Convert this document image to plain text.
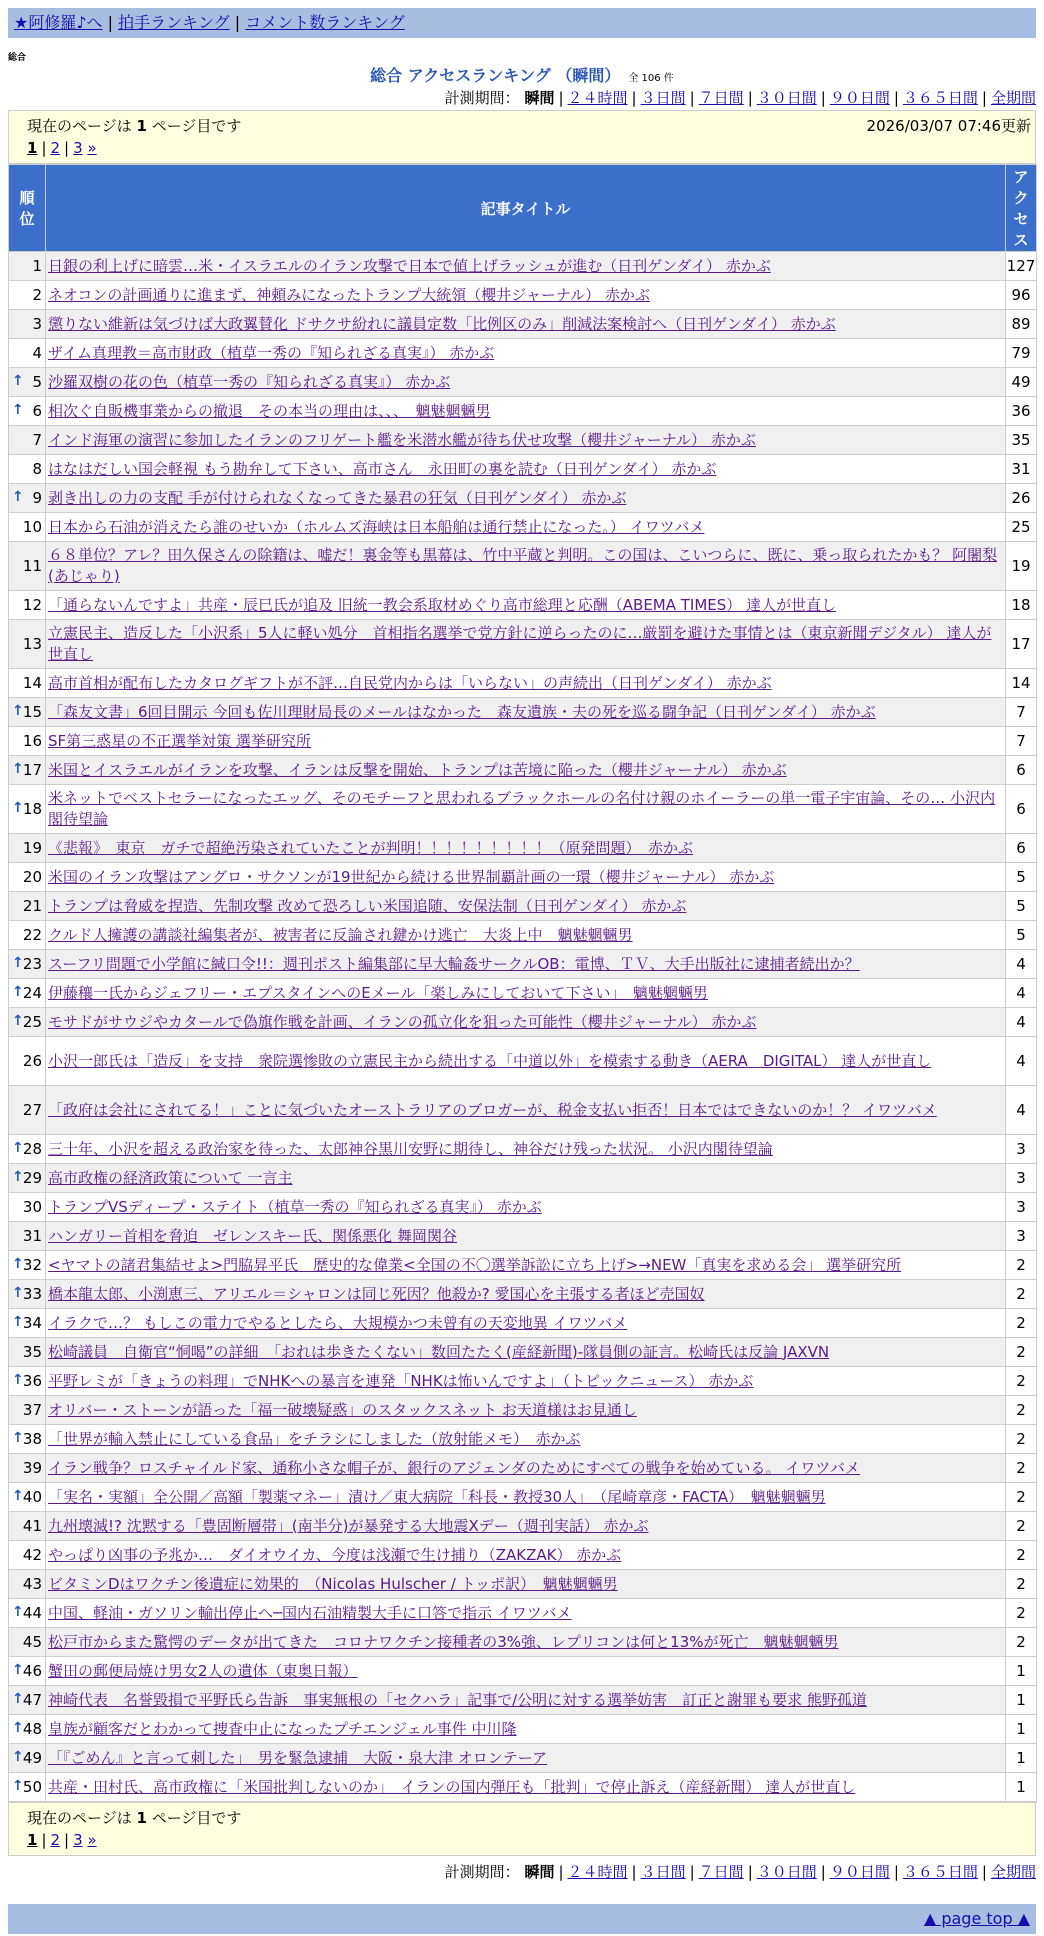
★阿修羅♪へ | 拍手ランキング | コメント数ランキング
総合
総合 アクセスランキング （瞬間） 全 106 件
計測期間： 瞬間 | ２４時間 | ３日間 | ７日間 | ３０日間 | ９０日間 | ３６５日間 | 全期間
現在のページは 1 ページ目です	2026/03/07 07:46更新
1 | 2 | 3 »
順
位	記事タイトル	アク
セス
1	日銀の利上げに暗雲…米・イスラエルのイラン攻撃で日本で値上げラッシュが進む（日刊ゲンダイ） 赤かぶ	127
2	ネオコンの計画通りに進まず、神頼みになったトランプ大統領（櫻井ジャーナル） 赤かぶ	96
3	懲りない維新は気づけば大政翼賛化 ドサクサ紛れに議員定数「比例区のみ」削減法案検討へ（日刊ゲンダイ） 赤かぶ	89
4	ザイム真理教＝高市財政（植草一秀の『知られざる真実』） 赤かぶ	79

↑ 5	沙羅双樹の花の色（植草一秀の『知られざる真実』） 赤かぶ	49

↑ 6	相次ぐ自販機事業からの撤退　その本当の理由は、、、　魑魅魍魎男	36
7	インド海軍の演習に参加したイランのフリゲート艦を米潜水艦が待ち伏せ攻撃（櫻井ジャーナル） 赤かぶ	35
8	はなはだしい国会軽視 もう勘弁して下さい、高市さん　永田町の裏を読む（日刊ゲンダイ） 赤かぶ	31

↑ 9	剥き出しの力の支配 手が付けられなくなってきた暴君の狂気（日刊ゲンダイ） 赤かぶ	26
10	日本から石油が消えたら誰のせいか（ホルムズ海峡は日本船舶は通行禁止になった。） イワツバメ	25
11	６８単位？アレ？田久保さんの除籍は、嘘だ！裏金等も黒幕は、竹中平蔵と判明。この国は、こいつらに、既に、乗っ取られたかも？ 阿闍梨(あじゃり)	19
12	「通らないんですよ」共産・辰巳氏が追及 旧統一教会系取材めぐり高市総理と応酬（ABEMA TIMES） 達人が世直し	18
13	立憲民主、造反した「小沢系」5人に軽い処分　首相指名選挙で党方針に逆らったのに…厳罰を避けた事情とは（東京新聞デジタル） 達人が世直し	17
14	高市首相が配布したカタログギフトが不評…自民党内からは「いらない」の声続出（日刊ゲンダイ） 赤かぶ	14

↑ 15	「森友文書」6回目開示 今回も佐川理財局長のメールはなかった　森友遺族・夫の死を巡る闘争記（日刊ゲンダイ） 赤かぶ	7
16	SF第三惑星の不正選挙対策 選挙研究所	7

↑ 17	米国とイスラエルがイランを攻撃、イランは反撃を開始、トランプは苦境に陥った（櫻井ジャーナル） 赤かぶ	6

↑ 18	米ネットでベストセラーになったエッグ、そのモチーフと思われるブラックホールの名付け親のホイーラーの単一電子宇宙論、その… 小沢内閣待望論	6
19	《悲報》　東京　ガチで超絶汚染されていたことが判明！！！！！！！！！（原発問題）　赤かぶ	6
20	米国のイラン攻撃はアングロ・サクソンが19世紀から続ける世界制覇計画の一環（櫻井ジャーナル） 赤かぶ	5
21	トランプは脅威を捏造、先制攻撃 改めて恐ろしい米国追随、安保法制（日刊ゲンダイ） 赤かぶ	5
22	クルド人擁護の講談社編集者が、被害者に反論され鍵かけ逃亡　大炎上中　魑魅魍魎男	5

↑ 23	スーフリ問題で小学館に緘口令!!：週刊ポスト編集部に早大輪姦サークルOB：電博、ＴＶ、大手出版社に逮捕者続出か？	4

↑ 24	伊藤穰一氏からジェフリー・エプスタインへのEメール「楽しみにしておいて下さい」　魑魅魍魎男	4

↑ 25	モサドがサウジやカタールで偽旗作戦を計画、イランの孤立化を狙った可能性（櫻井ジャーナル） 赤かぶ	4
26	小沢一郎氏は「造反」を支持　衆院選惨敗の立憲民主から続出する「中道以外」を模索する動き（AERA　DIGITAL） 達人が世直し	4
27	「政府は会社にされてる！」ことに気づいたオーストラリアのブロガーが、税金支払い拒否！日本ではできないのか！？ イワツバメ	4

↑ 28	三十年、小沢を超える政治家を待った、太郎神谷黒川安野に期待し、神谷だけ残った状況。 小沢内閣待望論	3

↑ 29	高市政権の経済政策について 一言主	3
30	トランプVSディープ・ステイト（植草一秀の『知られざる真実』） 赤かぶ	3
31	ハンガリー首相を脅迫　ゼレンスキー氏、関係悪化 舞岡関谷	3

↑ 32	<ヤマトの諸君集結せよ>門脇昇平氏　歴史的な偉業<全国の不〇選挙訴訟に立ち上げ>→NEW「真実を求める会」 選挙研究所	2

↑ 33	橋本龍太郎、小渕恵三、アリエル＝シャロンは同じ死因？他殺か? 愛国心を主張する者ほど売国奴	2

↑ 34	イラクで…？ もしこの電力でやるとしたら、大規模かつ未曾有の天変地異 イワツバメ	2
35	松崎議員　自衛官“恫喝”の詳細　「おれは歩きたくない」数回たたく(産経新聞)-隊員側の証言。松崎氏は反論 JAXVN	2

↑ 36	平野レミが「きょうの料理」でNHKへの暴言を連発「NHKは怖いんですよ」（トピックニュース） 赤かぶ	2
37	オリバー・ストーンが語った「福一破壊疑惑」のスタックスネット お天道様はお見通し	2

↑ 38	「世界が輸入禁止にしている食品」をチラシにしました（放射能メモ）　赤かぶ	2
39	イラン戦争？ロスチャイルド家、通称小さな帽子が、銀行のアジェンダのためにすべての戦争を始めている。 イワツバメ	2

↑ 40	「実名・実額」全公開／高額「製薬マネー」漬け／東大病院「科長・教授30人」　（尾崎章彦・FACTA）　魑魅魍魎男	2
41	九州壊滅!? 沈黙する「豊固断層帯」(南半分)が暴発する大地震Xデー（週刊実話） 赤かぶ	2
42	やっぱり凶事の予兆か…　ダイオウイカ、今度は浅瀬で生け捕り（ZAKZAK） 赤かぶ	2
43	ビタミンDはワクチン後遺症に効果的　（Nicolas Hulscher / トッポ訳）　魑魅魍魎男	2

↑ 44	中国、軽油・ガソリン輸出停止へ─国内石油精製大手に口答で指示 イワツバメ	2
45	松戸市からまた驚愕のデータが出てきた　コロナワクチン接種者の3%強、レプリコンは何と13%が死亡　魑魅魍魎男	2

↑ 46	蟹田の郵便局焼け男女2人の遺体（東奥日報）	1

↑ 47	神崎代表　名誉毀損で平野氏ら告訴　事実無根の「セクハラ」記事で/公明に対する選挙妨害　訂正と謝罪も要求 熊野孤道	1

↑ 48	皇族が顧客だとわかって捜査中止になったプチエンジェル事件 中川隆	1

↑ 49	「『ごめん』と言って刺した」　男を緊急逮捕　大阪・泉大津 オロンテーア	1

↑ 50	共産・田村氏、高市政権に「米国批判しないのか」　イランの国内弾圧も「批判」で停止訴え（産経新聞） 達人が世直し	1
現在のページは 1 ページ目です
1 | 2 | 3 »
計測期間： 瞬間 | ２４時間 | ３日間 | ７日間 | ３０日間 | ９０日間 | ３６５日間 | 全期間
▲ page top ▲
